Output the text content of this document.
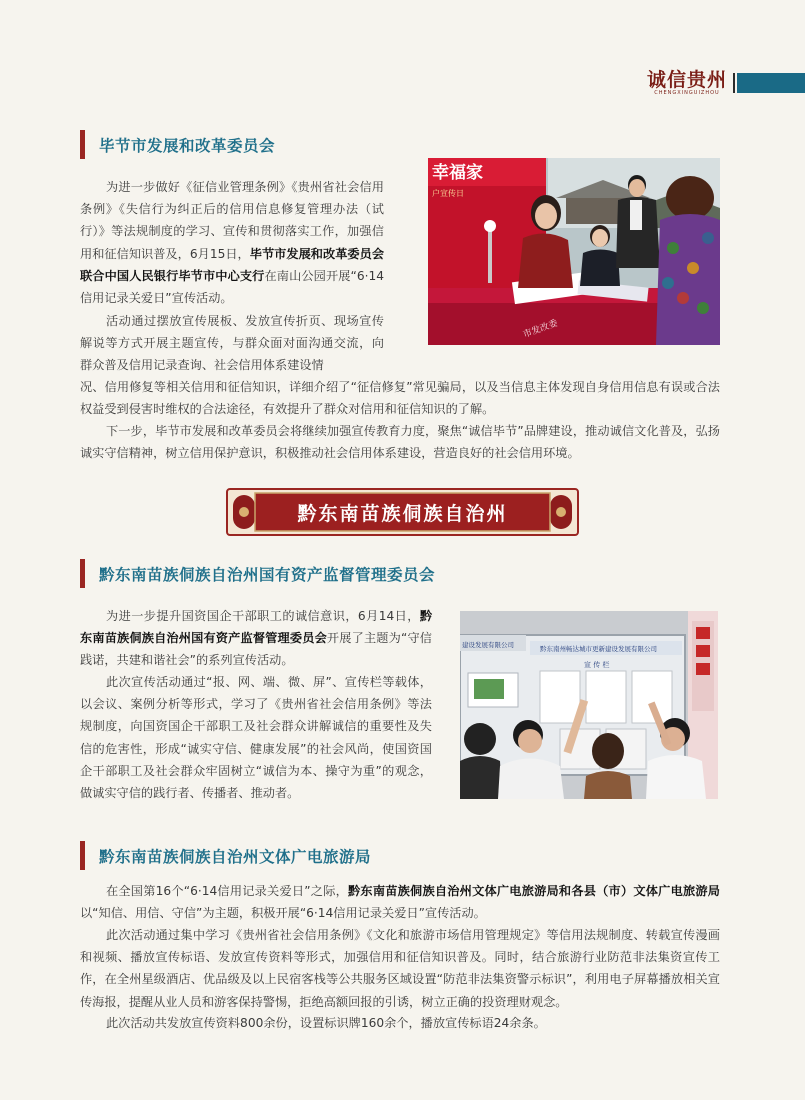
诚信贵州
CHENGXINGUIZHOU
毕节市发展和改革委员会

为进一步做好《征信业管理条例》《贵州省社会信用条例》《失信行为纠正后的信用信息修复管理办法（试行）》等法规制度的学习、宣传和贯彻落实工作，加强信用和征信知识普及，6月15日，毕节市发展和改革委员会联合中国人民银行毕节市中心支行在南山公园开展“6·14信用记录关爱日”宣传活动。

活动通过摆放宣传展板、发放宣传折页、现场宣传解说等方式开展主题宣传，与群众面对面沟通交流，向群众普及信用记录查询、社会信用体系建设情

况、信用修复等相关信用和征信知识，详细介绍了“征信修复”常见骗局，以及当信息主体发现自身信用信息有误或合法权益受到侵害时维权的合法途径，有效提升了群众对信用和征信知识的了解。

下一步，毕节市发展和改革委员会将继续加强宣传教育力度，聚焦“诚信毕节”品牌建设，推动诚信文化普及，弘扬诚实守信精神，树立信用保护意识，积极推动社会信用体系建设，营造良好的社会信用环境。

幸福家
户宣传日
市发改委
黔东南苗族侗族自治州
黔东南苗族侗族自治州国有资产监督管理委员会

为进一步提升国资国企干部职工的诚信意识，6月14日，黔东南苗族侗族自治州国有资产监督管理委员会开展了主题为“守信践诺，共建和谐社会”的系列宣传活动。

此次宣传活动通过“报、网、端、微、屏”、宣传栏等载体，以会议、案例分析等形式，学习了《贵州省社会信用条例》等法规制度，向国资国企干部职工及社会群众讲解诚信的重要性及失信的危害性，形成“诚实守信、健康发展”的社会风尚，使国资国企干部职工及社会群众牢固树立“诚信为本、操守为重”的观念，做诚实守信的践行者、传播者、推动者。

建设发展有限公司	黔东南州畅达城市更新建设发展有限公司
宣 传 栏
黔东南苗族侗族自治州文体广电旅游局

在全国第16个“6·14信用记录关爱日”之际，黔东南苗族侗族自治州文体广电旅游局和各县（市）文体广电旅游局以“知信、用信、守信”为主题，积极开展“6·14信用记录关爱日”宣传活动。

此次活动通过集中学习《贵州省社会信用条例》《文化和旅游市场信用管理规定》等信用法规制度、转载宣传漫画和视频、播放宣传标语、发放宣传资料等形式，加强信用和征信知识普及。同时，结合旅游行业防范非法集资宣传工作，在全州星级酒店、优品级及以上民宿客栈等公共服务区域设置“防范非法集资警示标识”，利用电子屏幕播放相关宣传海报，提醒从业人员和游客保持警惕，拒绝高额回报的引诱，树立正确的投资理财观念。

此次活动共发放宣传资料800余份，设置标识牌160余个，播放宣传标语24余条。
